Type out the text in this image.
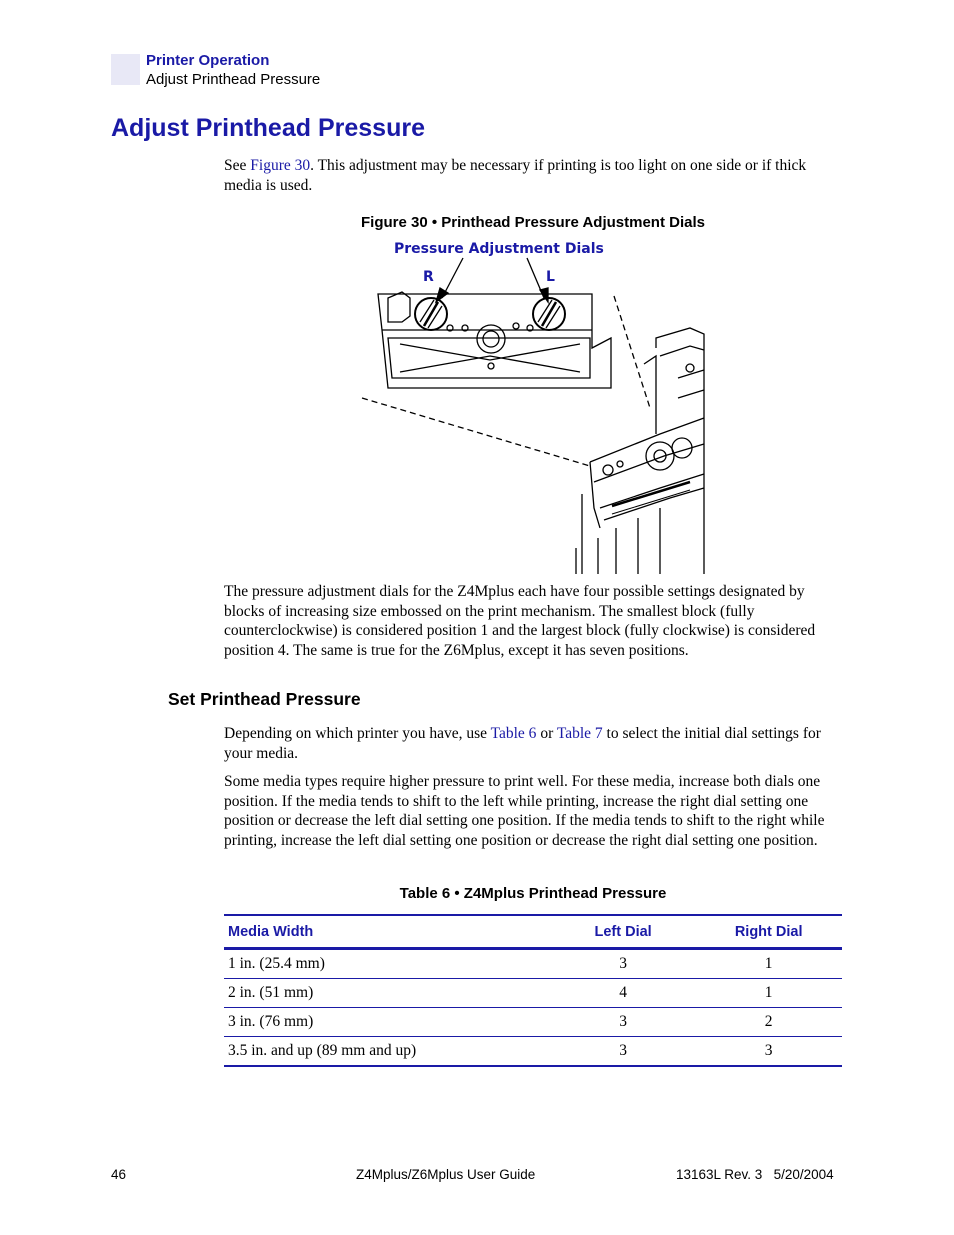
Printer Operation
Adjust Printhead Pressure
Adjust Printhead Pressure

See Figure 30. This adjustment may be necessary if printing is too light on one side or if thick media is used.

Figure 30 • Printhead Pressure Adjustment Dials
Pressure Adjustment Dials
R	L

The pressure adjustment dials for the Z4Mplus each have four possible settings designated by blocks of increasing size embossed on the print mechanism. The smallest block (fully counterclockwise) is considered position 1 and the largest block (fully clockwise) is considered position 4. The same is true for the Z6Mplus, except it has seven positions.

Set Printhead Pressure

Depending on which printer you have, use Table 6 or Table 7 to select the initial dial settings for your media.

Some media types require higher pressure to print well. For these media, increase both dials one position. If the media tends to shift to the left while printing, increase the right dial setting one position or decrease the left dial setting one position. If the media tends to shift to the right while printing, increase the left dial setting one position or decrease the right dial setting one position.

Table 6 • Z4Mplus Printhead Pressure
Media Width	Left Dial	Right Dial
1 in. (25.4 mm)	3	1
2 in. (51 mm)	4	1
3 in. (76 mm)	3	2
3.5 in. and up (89 mm and up)	3	3
46	Z4Mplus/Z6Mplus User Guide	13163L Rev. 3   5/20/2004
